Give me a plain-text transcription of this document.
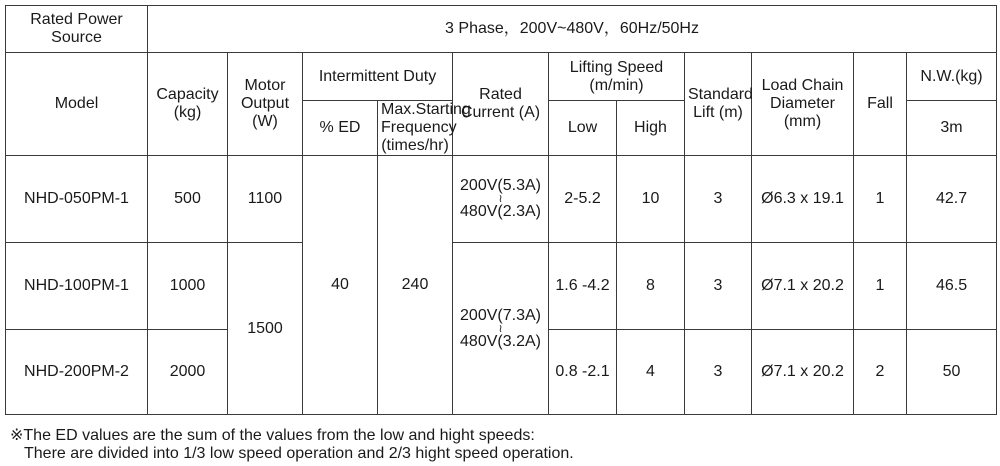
Rated Power Source	3 Phase，200V~480V，60Hz/50Hz										
Model	Capacity (kg)	Motor Output (W)	Intermittent Duty		Rated Current (A)	Lifting Speed (m/min)		Standard Lift (m)	Load Chain Diameter (mm)	Fall	N.W.(kg)
			% ED	Max.Starting Frequency (times/hr)		Low	High				3m
NHD-050PM-1	500	1100	40	240	200V(5.3A)
≀
480V(2.3A)	2-5.2	10	3	Ø6.3 x 19.1	1	42.7
NHD-100PM-1	1000	1500			200V(7.3A)
≀
480V(3.2A)	1.6 -4.2	8	3	Ø7.1 x 20.2	1	46.5
NHD-200PM-2	2000					0.8 -2.1	4	3	Ø7.1 x 20.2	2	50
※The ED values are the sum of the values from the low and hight speeds:
There are divided into 1/3 low speed operation and 2/3 hight speed operation.
